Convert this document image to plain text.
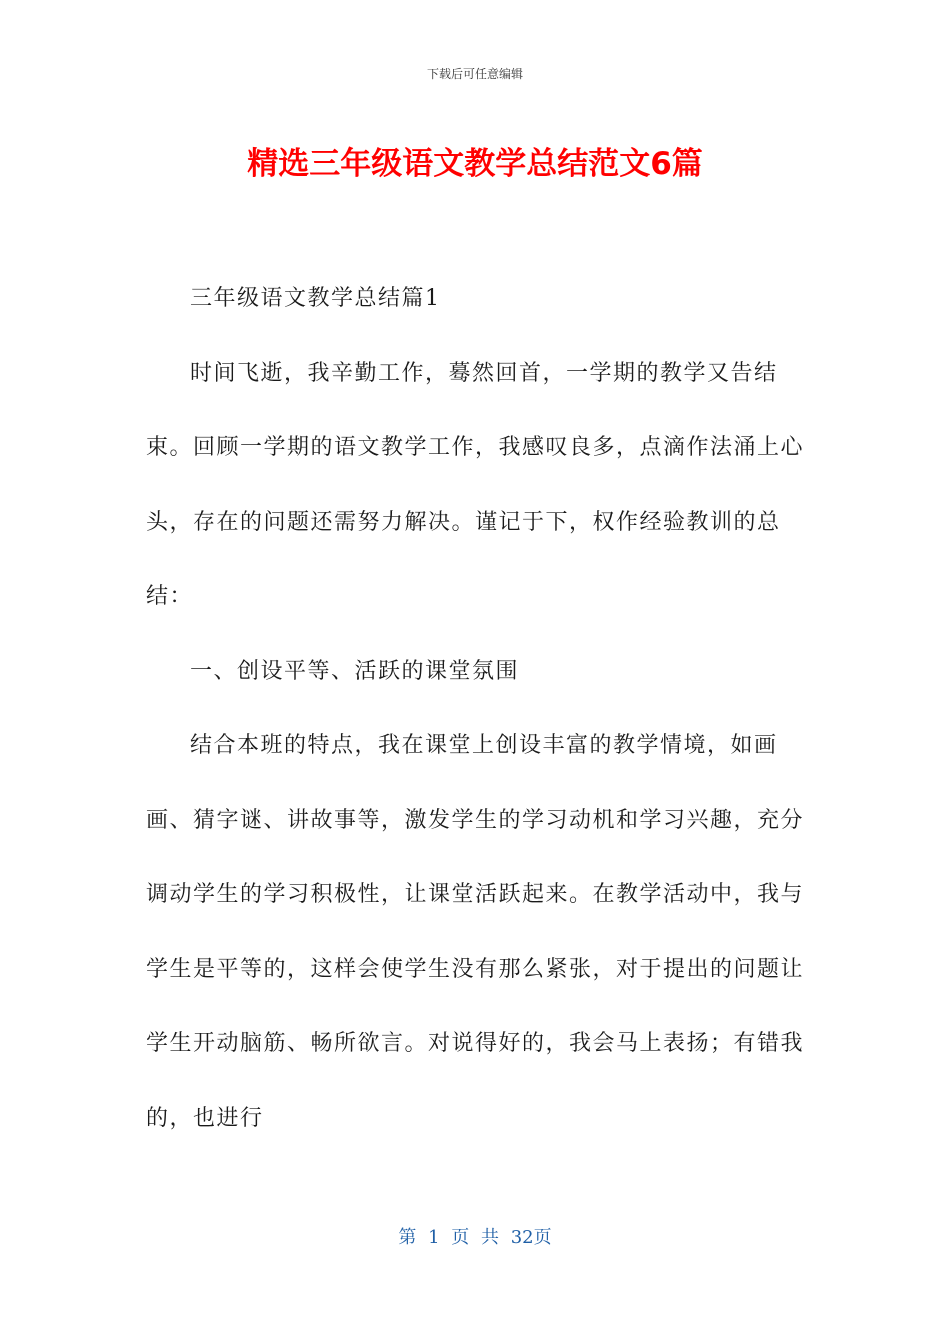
下载后可任意编辑
精选三年级语文教学总结范文6篇

三年级语文教学总结篇1

时间飞逝，我辛勤工作，蓦然回首，一学期的教学又告结束。回顾一学期的语文教学工作，我感叹良多，点滴作法涌上心头，存在的问题还需努力解决。谨记于下，权作经验教训的总结：

一、创设平等、活跃的课堂氛围

结合本班的特点，我在课堂上创设丰富的教学情境，如画画、猜字谜、讲故事等，激发学生的学习动机和学习兴趣，充分调动学生的学习积极性，让课堂活跃起来。在教学活动中，我与学生是平等的，这样会使学生没有那么紧张，对于提出的问题让学生开动脑筋、畅所欲言。对说得好的，我会马上表扬；有错我的，也进行

第 1 页 共 32页
